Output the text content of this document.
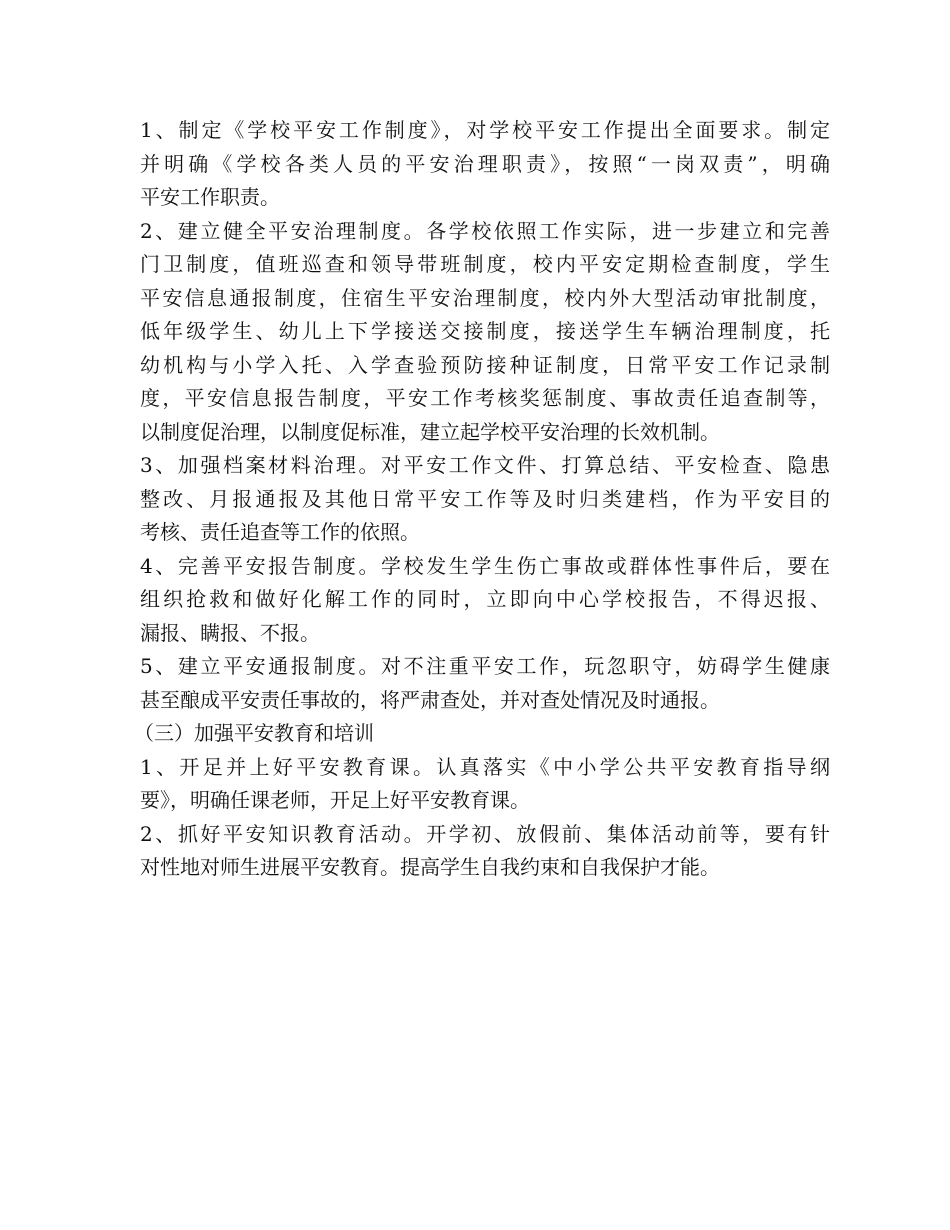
1、制定《学校平安工作制度》，对学校平安工作提出全面要求。制定
并明确《学校各类人员的平安治理职责》，按照“一岗双责”，明确
平安工作职责。
2、建立健全平安治理制度。各学校依照工作实际，进一步建立和完善
门卫制度，值班巡查和领导带班制度，校内平安定期检查制度，学生
平安信息通报制度，住宿生平安治理制度，校内外大型活动审批制度，
低年级学生、幼儿上下学接送交接制度，接送学生车辆治理制度，托
幼机构与小学入托、入学查验预防接种证制度，日常平安工作记录制
度，平安信息报告制度，平安工作考核奖惩制度、事故责任追查制等，
以制度促治理，以制度促标准，建立起学校平安治理的长效机制。
3、加强档案材料治理。对平安工作文件、打算总结、平安检查、隐患
整改、月报通报及其他日常平安工作等及时归类建档，作为平安目的
考核、责任追查等工作的依照。
4、完善平安报告制度。学校发生学生伤亡事故或群体性事件后，要在
组织抢救和做好化解工作的同时，立即向中心学校报告，不得迟报、
漏报、瞒报、不报。
5、建立平安通报制度。对不注重平安工作，玩忽职守，妨碍学生健康
甚至酿成平安责任事故的，将严肃查处，并对查处情况及时通报。
（三）加强平安教育和培训
1、开足并上好平安教育课。认真落实《中小学公共平安教育指导纲
要》，明确任课老师，开足上好平安教育课。
2、抓好平安知识教育活动。开学初、放假前、集体活动前等，要有针
对性地对师生进展平安教育。提高学生自我约束和自我保护才能。
